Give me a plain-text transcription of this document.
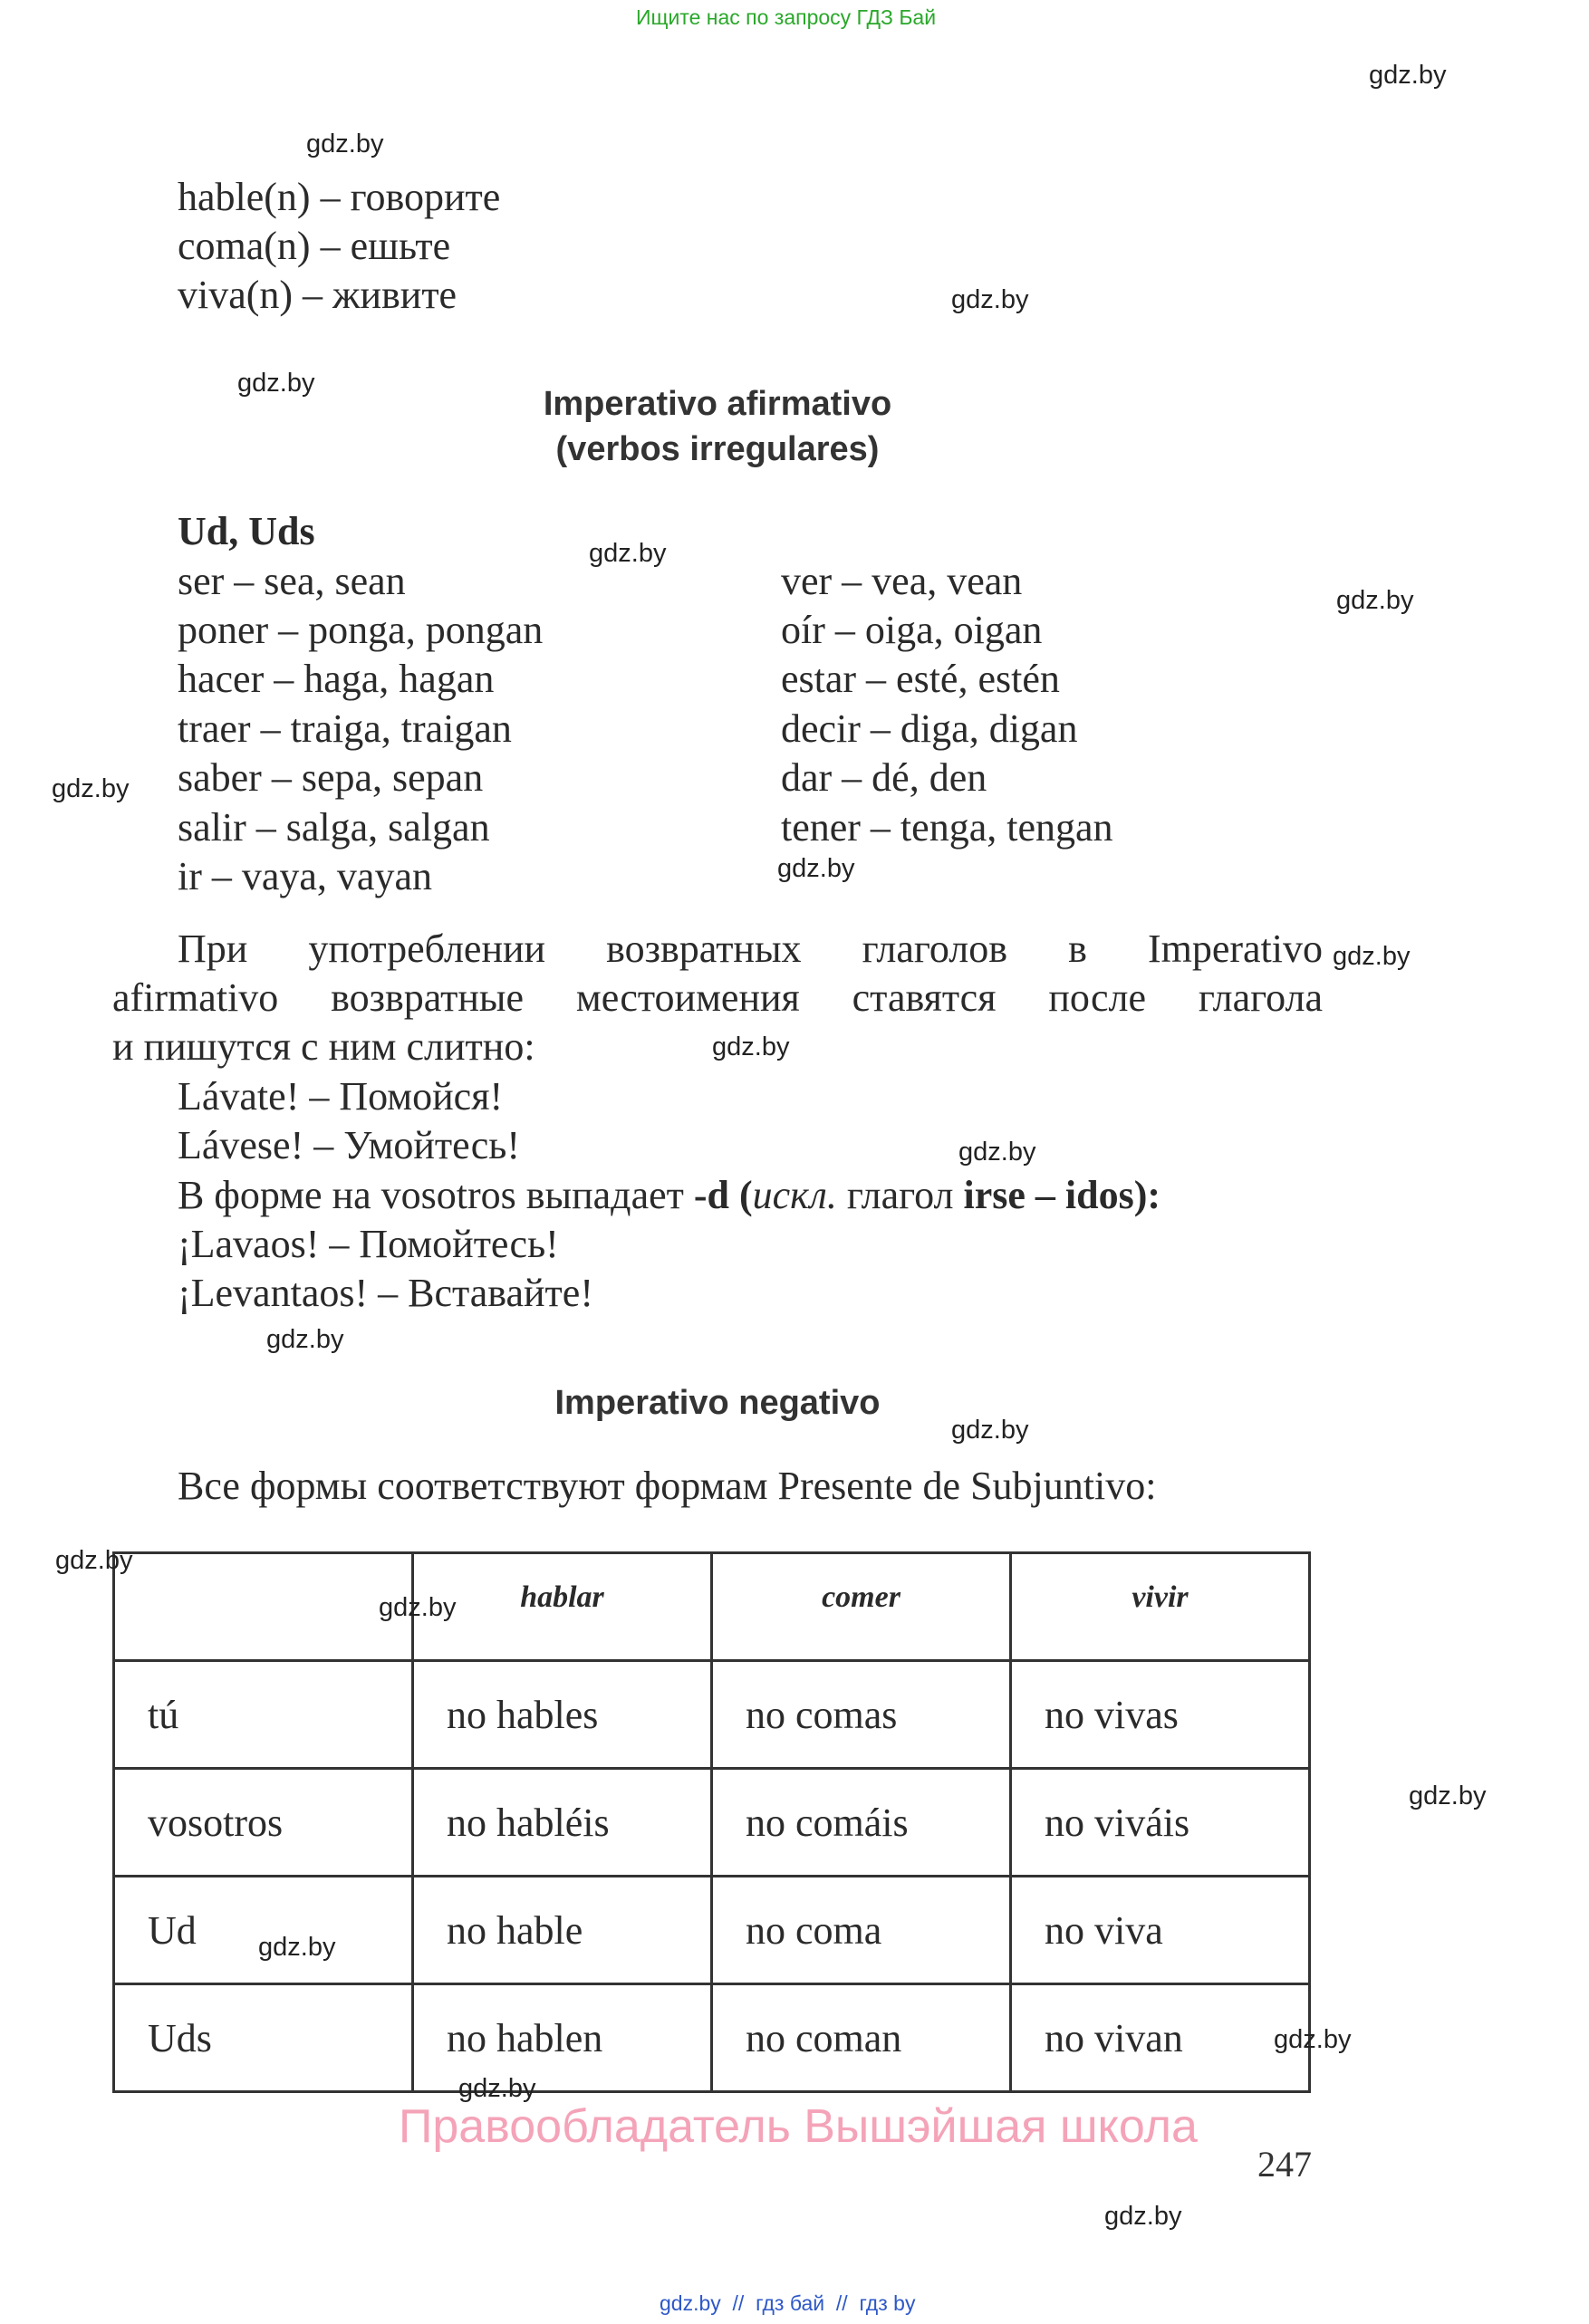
Ищите нас по запросу ГДЗ Бай
hable(n) – говорите
coma(n) – ешьте
viva(n) – живите
Imperativo afirmativo
(verbos irregulares)
Ud, Uds
ser – sea, sean
poner – ponga, pongan
hacer – haga, hagan
traer – traiga, traigan
saber – sepa, sepan
salir – salga, salgan
ir – vaya, vayan
ver – vea, vean
oír – oiga, oigan
estar – esté, estén
decir – diga, digan
dar – dé, den
tener – tenga, tengan
При употреблении возвратных глаголов в Imperativo
afirmativo возвратные местоимения ставятся после глагола
и пишутся с ним слитно:
Lávate! – Помойся!
Lávese! – Умойтесь!
В форме на vosotros выпадает -d (искл. глагол irse – idos):
¡Lavaos! – Помойтесь!
¡Levantaos! – Вставайте!
Imperativo negativo
Все формы соответствуют формам Presente de Subjuntivo:
	hablar	comer	vivir
tú	no hables	no comas	no vivas
vosotros	no habléis	no comáis	no viváis
Ud	no hable	no coma	no viva
Uds	no hablen	no coman	no vivan
Правообладатель Вышэйшая школа
247
gdz.by  //  гдз бай  //  гдз by
gdz.by
gdz.by
gdz.by
gdz.by
gdz.by
gdz.by
gdz.by
gdz.by
gdz.by
gdz.by
gdz.by
gdz.by
gdz.by
gdz.by
gdz.by
gdz.by
gdz.by
gdz.by
gdz.by
gdz.by
